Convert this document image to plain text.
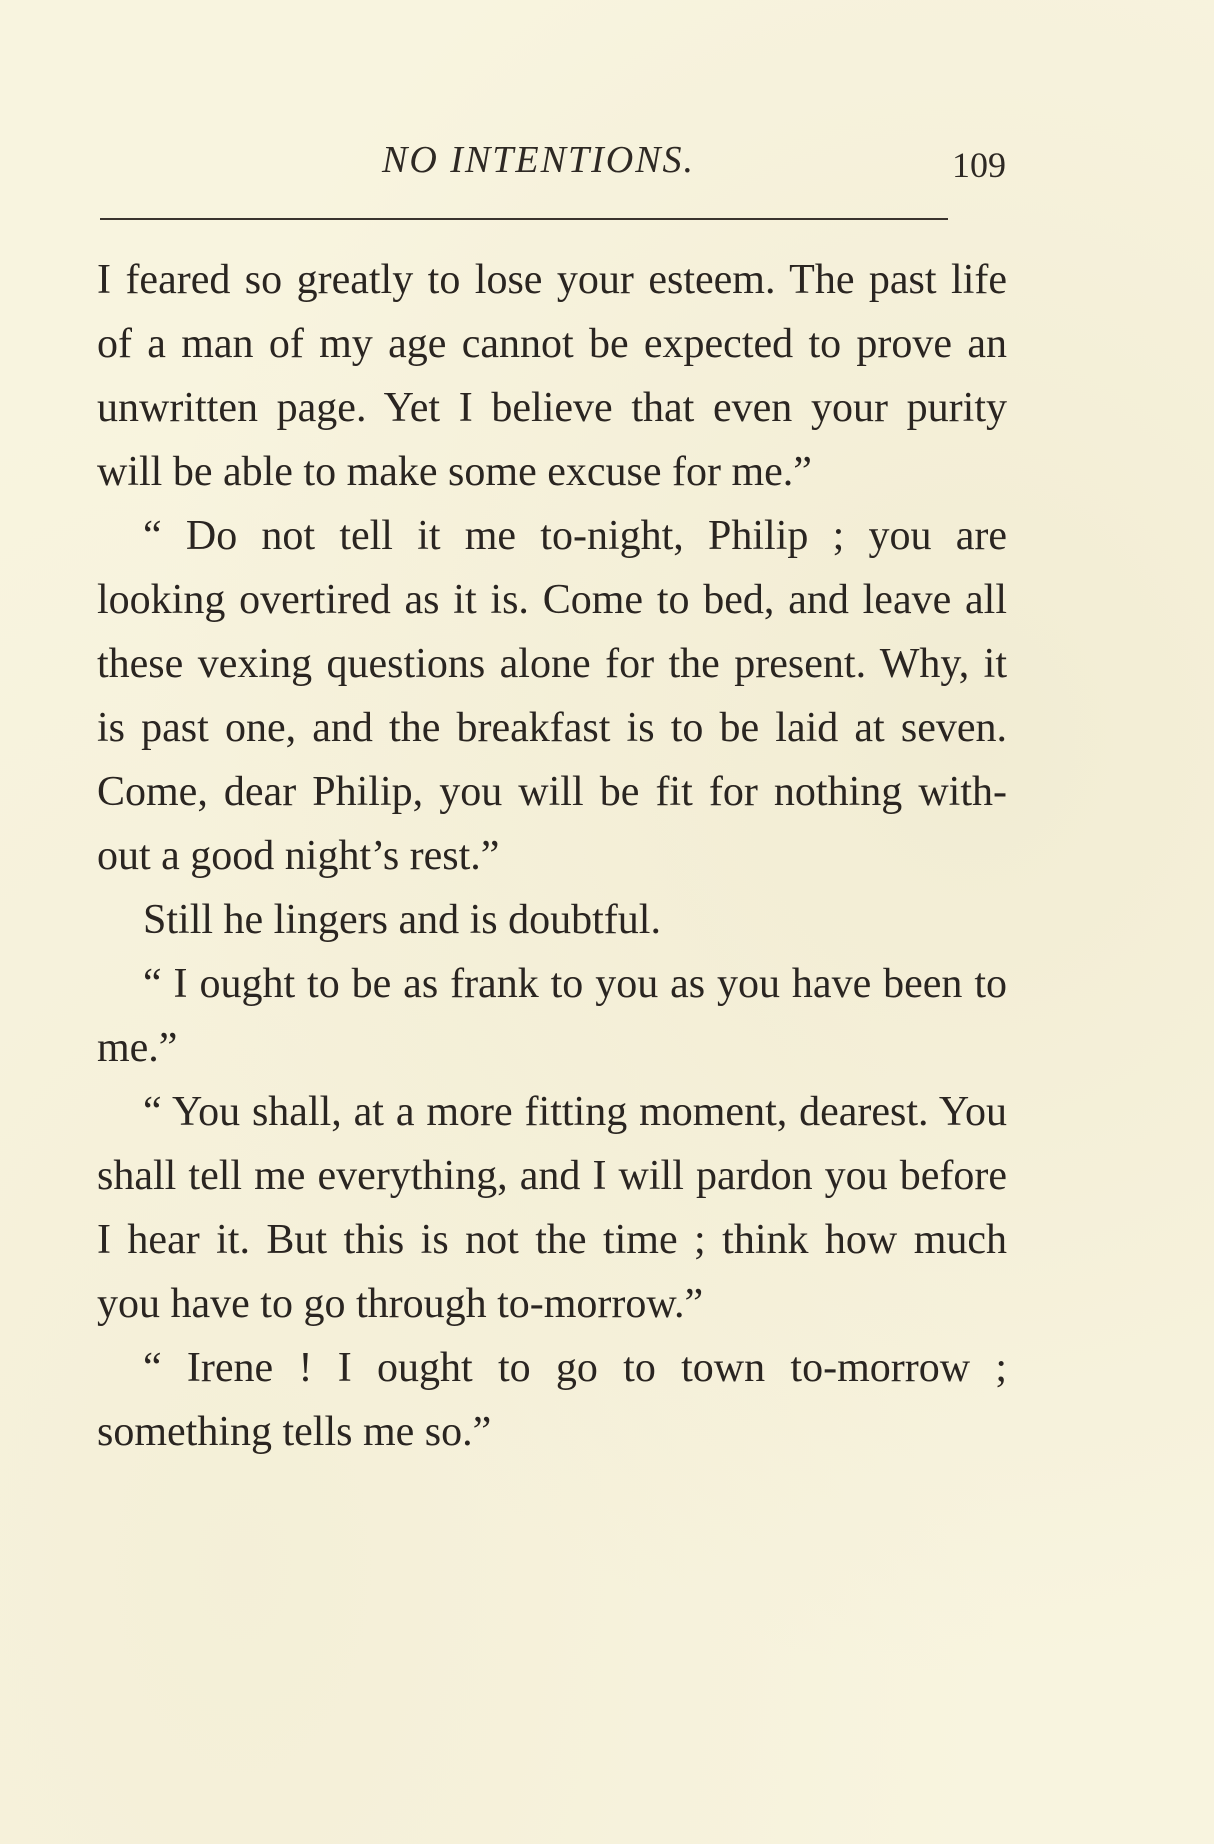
NO INTENTIONS.	109

I feared so greatly to lose your esteem. The past life of a man of my age cannot be expected to prove an unwritten page. Yet I believe that even your purity will be able to make some excuse for me.”

“ Do not tell it me to-night, Philip ; you are looking overtired as it is. Come to bed, and leave all these vexing questions alone for the present. Why, it is past one, and the breakfast is to be laid at seven. Come, dear Philip, you will be fit for nothing with-out a good night’s rest.”

Still he lingers and is doubtful.

“ I ought to be as frank to you as you have been to me.”

“ You shall, at a more fitting moment, dearest. You shall tell me everything, and I will pardon you before I hear it. But this is not the time ; think how much you have to go through to-morrow.”

“ Irene ! I ought to go to town to-morrow ; something tells me so.”
